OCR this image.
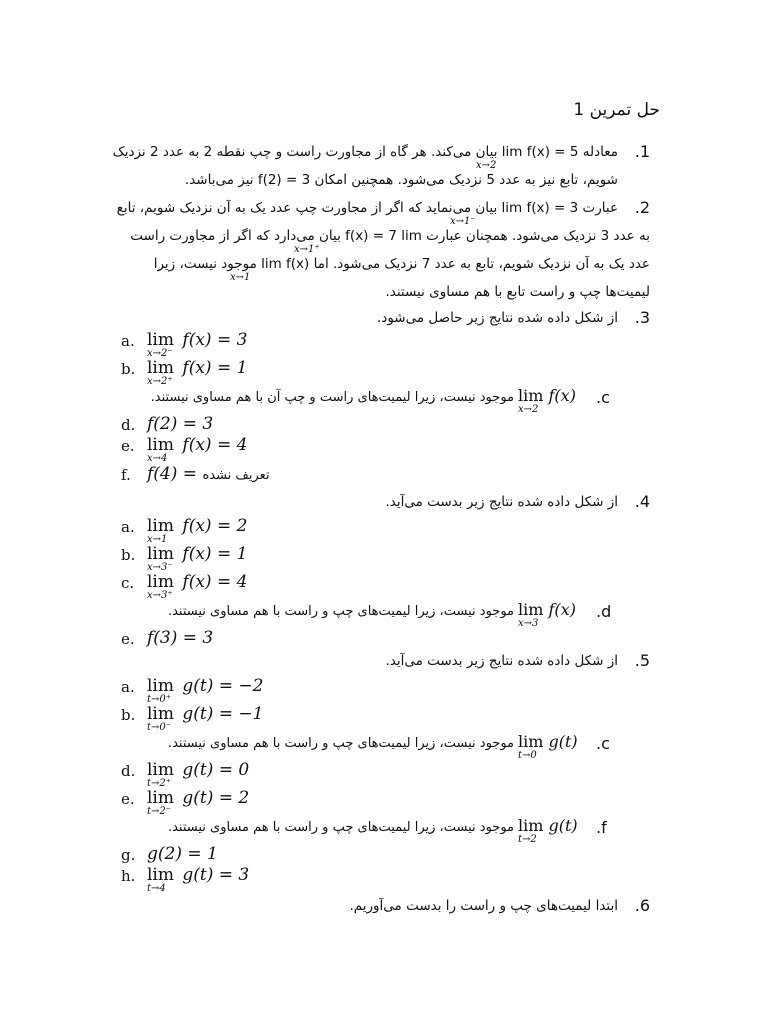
حل تمرین 1
.1
معادله 5 = lim f(x) بیان می‌کند. هر گاه از مجاورت راست و چپ نقطه 2 به عدد 2 نزدیک
x→2
شویم، تابع نیز به عدد 5 نزدیک می‌شود. همچنین امکان f(2) = 3 نیز می‌باشد.
.2
عبارت 3 = lim f(x) بیان می‌نماید که اگر از مجاورت چپ عدد یک به آن نزدیک شویم، تابع
x→1⁻
به عدد 3 نزدیک می‌شود. همچنان عبارت f(x) = 7 lim بیان می‌دارد که اگر از مجاورت راست
x→1⁺
عدد یک به آن نزدیک شویم، تابع به عدد 7 نزدیک می‌شود. اما lim f(x) موجود نیست، زیرا
x→1
لیمیت‌ها چپ و راست تابع با هم مساوی نیستند.
.3
از شکل داده شده نتایج زیر حاصل می‌شود.
a. lim
x→2⁻
f(x) = 3
b. lim
x→2⁺
f(x) = 1
.c
موجود نیست، زیرا لیمیت‌های راست و چپ آن با هم مساوی نیستند. lim f(x)
x→2
d. f(2) = 3
e. lim
x→4
f(x) = 4
f. f(4) = تعریف نشده
.4
از شکل داده شده نتایج زیر بدست می‌آید.
a. lim
x→1
f(x) = 2
b. lim
x→3⁻
f(x) = 1
c. lim
x→3⁺
f(x) = 4
.d
موجود نیست، زیرا لیمیت‌های چپ و راست با هم مساوی نیستند. lim f(x)
x→3
e. f(3) = 3
.5
از شکل داده شده نتایج زیر بدست می‌آید.
a. lim
t→0⁺
g(t) = −2
b. lim
t→0⁻
g(t) = −1
.c
موجود نیست، زیرا لیمیت‌های چپ و راست با هم مساوی نیستند. lim g(t)
t→0
d. lim
t→2⁺
g(t) = 0
e. lim
t→2⁻
g(t) = 2
.f
موجود نیست، زیرا لیمیت‌های چپ و راست با هم مساوی نیستند. lim g(t)
t→2
g. g(2) = 1
h. lim
t→4
g(t) = 3
.6
ابتدا لیمیت‌های چپ و راست را بدست می‌آوریم.
